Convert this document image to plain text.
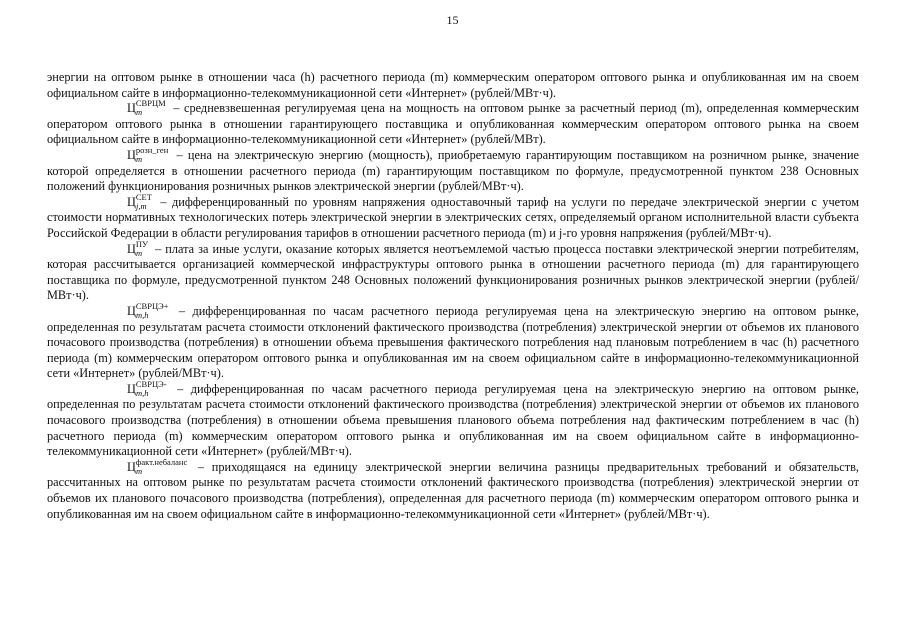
15

энергии на оптовом рынке в отношении часа (h) расчетного периода (m) коммерческим оператором оптового рынка и опубликованная им на своем официальном сайте в информационно-телекоммуникационной сети «Интернет» (рублей/МВт·ч).

$Ц^{СВРЦМ}$
m – средневзвешенная регулируемая цена на мощность на оптовом рынке за расчетный период (m), определенная коммерческим оператором оптового рынка в отношении гарантирующего поставщика и опубликованная коммерческим оператором оптового рынка на своем официальном сайте в информационно-телекоммуникационной сети «Интернет» (рублей/МВт).

$Ц^{розн\_ген}$
m – цена на электрическую энергию (мощность), приобретаемую гарантирующим поставщиком на розничном рынке, значение которой определяется в отношении расчетного периода (m) гарантирующим поставщиком по формуле, предусмотренной пунктом 238 Основных положений функционирования розничных рынков электрической энергии (рублей/МВт·ч).

$Ц^{СЕТ}$
j,m – дифференцированный по уровням напряжения одноставочный тариф на услуги по передаче электрической энергии с учетом стоимости нормативных технологических потерь электрической энергии в электрических сетях, определяемый органом исполнительной власти субъекта Российской Федерации в области регулирования тарифов в отношении расчетного периода (m) и j-го уровня напряжения (рублей/МВт·ч).

$Ц^{ПУ}$
m – плата за иные услуги, оказание которых является неотъемлемой частью процесса поставки электрической энергии потребителям, которая рассчитывается организацией коммерческой инфраструктуры оптового рынка в отношении расчетного периода (m) для гарантирующего поставщика по формуле, предусмотренной пунктом 248 Основных положений функционирования розничных рынков электрической энергии (рублей/МВт·ч).

$Ц^{СВРЦЭ+}$
m,h – дифференцированная по часам расчетного периода регулируемая цена на электрическую энергию на оптовом рынке, определенная по результатам расчета стоимости отклонений фактического производства (потребления) электрической энергии от объемов их планового почасового производства (потребления) в отношении объема превышения фактического потребления над плановым потреблением в час (h) расчетного периода (m) коммерческим оператором оптового рынка и опубликованная им на своем официальном сайте в информационно-телекоммуникационной сети «Интернет» (рублей/МВт·ч).

$Ц^{СВРЦЭ-}$
m,h – дифференцированная по часам расчетного периода регулируемая цена на электрическую энергию на оптовом рынке, определенная по результатам расчета стоимости отклонений фактического производства (потребления) электрической энергии от объемов их планового почасового производства (потребления) в отношении объема превышения планового объема потребления над фактическим потреблением в час (h) расчетного периода (m) коммерческим оператором оптового рынка и опубликованная им на своем официальном сайте в информационно-телекоммуникационной сети «Интернет» (рублей/МВт·ч).

$Ц^{факт.небаланс}$
m	– приходящаяся на единицу электрической энергии величина разницы предварительных требований и обязательств, рассчитанных на оптовом рынке по результатам расчета стоимости отклонений фактического производства (потребления) электрической энергии от объемов их планового почасового производства (потребления), определенная для расчетного периода (m) коммерческим оператором оптового рынка и опубликованная им на своем официальном сайте в информационно-телекоммуникационной сети «Интернет» (рублей/МВт·ч).
